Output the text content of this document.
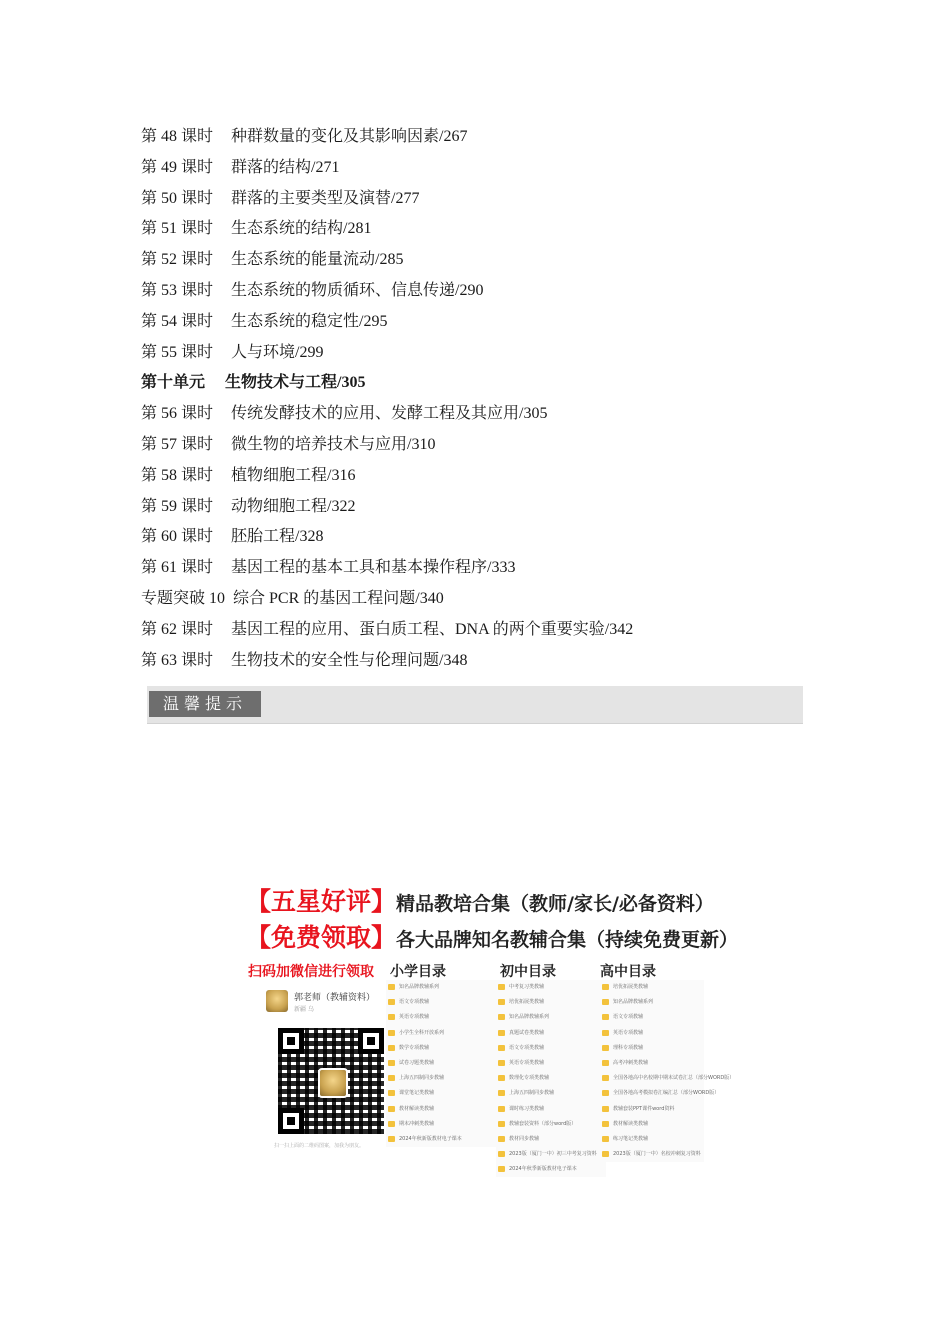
第 48 课时 种群数量的变化及其影响因素/267
第 49 课时 群落的结构/271
第 50 课时 群落的主要类型及演替/277
第 51 课时 生态系统的结构/281
第 52 课时 生态系统的能量流动/285
第 53 课时 生态系统的物质循环、信息传递/290
第 54 课时 生态系统的稳定性/295
第 55 课时 人与环境/299
第十单元 生物技术与工程/305
第 56 课时 传统发酵技术的应用、发酵工程及其应用/305
第 57 课时 微生物的培养技术与应用/310
第 58 课时 植物细胞工程/316
第 59 课时 动物细胞工程/322
第 60 课时 胚胎工程/328
第 61 课时 基因工程的基本工具和基本操作程序/333
专题突破 10 综合 PCR 的基因工程问题/340
第 62 课时 基因工程的应用、蛋白质工程、DNA 的两个重要实验/342
第 63 课时 生物技术的安全性与伦理问题/348
温馨提示
【五星好评】精品教培合集（教师/家长/必备资料）
【免费领取】各大品牌知名教辅合集（持续免费更新）
扫码加微信进行领取 小学目录	初中目录	高中目录
郭老师（教辅资料）
新疆 乌
扫一扫上面的二维码图案，加我为朋友。
知名品牌教辅系列
语文专项教辅
英语专项教辅
小学生全科开放系列
数学专项教辅
试卷习题类教辅
上海五四制同步教辅
课堂笔记类教辅
教材解读类教辅
期末冲刺类教辅
2024年秋新版教材电子课本
中考复习类教辅
培优拓展类教辅
知名品牌教辅系列
真题试卷类教辅
语文专项类教辅
英语专项类教辅
数理化专项类教辅
上海五四制同步教辅
课时练习类教辅
教辅套装资料（部分word版）
教材同步教辅
2023版（厦门一中）初三中考复习资料
2024年秋季新版教材电子课本
培优拓展类教辅
知名品牌教辅系列
语文专项教辅
英语专项教辅
理科专项教辅
高考冲刺类教辅
全国各地高中名校期中期末试卷汇总（部分WORD版）
全国各地高考模拟卷汇编汇总（部分WORD版）
教辅套装PPT课件word资料
教材解读类教辅
练习笔记类教辅
2023版（厦门一中）名校冲刺复习资料
